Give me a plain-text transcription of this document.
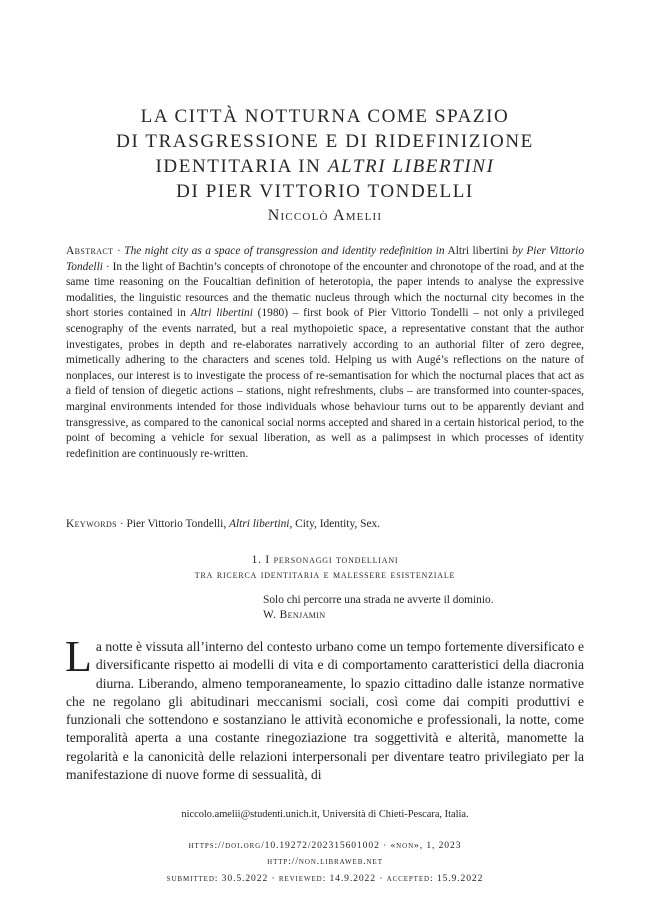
LA CITTÀ NOTTURNA COME SPAZIO
DI TRASGRESSIONE E DI RIDEFINIZIONE
IDENTITARIA IN ALTRI LIBERTINI
DI PIER VITTORIO TONDELLI
Niccolò Amelii
Abstract · The night city as a space of transgression and identity redefinition in Altri libertini by Pier Vittorio Tondelli · In the light of Bachtin’s concepts of chronotope of the encounter and chronotope of the road, and at the same time reasoning on the Foucaltian definition of heterotopia, the paper intends to analyse the expressive modalities, the linguistic resources and the thematic nucleus through which the nocturnal city becomes in the short stories contained in Altri libertini (1980) – first book of Pier Vittorio Tondelli – not only a privileged scenography of the events narrated, but a real mythopoietic space, a representative constant that the author investigates, probes in depth and re-elaborates narratively according to an authorial filter of zero degree, mimetically adhering to the characters and scenes told. Helping us with Augé’s reflections on the nature of nonplaces, our interest is to investigate the process of re-semantisation for which the nocturnal places that act as a field of tension of diegetic actions – stations, night refreshments, clubs – are transformed into counter-spaces, marginal environments intended for those individuals whose behaviour turns out to be apparently deviant and transgressive, as compared to the canonical social norms accepted and shared in a certain historical period, to the point of becoming a vehicle for sexual liberation, as well as a palimpsest in which processes of identity redefinition are continuously re-written.
Keywords · Pier Vittorio Tondelli, Altri libertini, City, Identity, Sex.
1. I personaggi tondelliani
tra ricerca identitaria e malessere esistenziale
Solo chi percorre una strada ne avverte il dominio.
W. Benjamin
La notte è vissuta all’interno del contesto urbano come un tempo fortemente diversificato e diversificante rispetto ai modelli di vita e di comportamento caratteristici della diacronia diurna. Liberando, almeno temporaneamente, lo spazio cittadino dalle istanze normative che ne regolano gli abitudinari meccanismi sociali, così come dai compiti produttivi e funzionali che sottendono e sostanziano le attività economiche e professionali, la notte, come temporalità aperta a una costante rinegoziazione tra soggettività e alterità, manomette la regolarità e la canonicità delle relazioni interpersonali per diventare teatro privilegiato per la manifestazione di nuove forme di sessualità, di
niccolo.amelii@studenti.unich.it, Università di Chieti-Pescara, Italia.
https://doi.org/10.19272/202315601002 · «non», 1, 2023
http://non.libraweb.net
submitted: 30.5.2022 · reviewed: 14.9.2022 · accepted: 15.9.2022
